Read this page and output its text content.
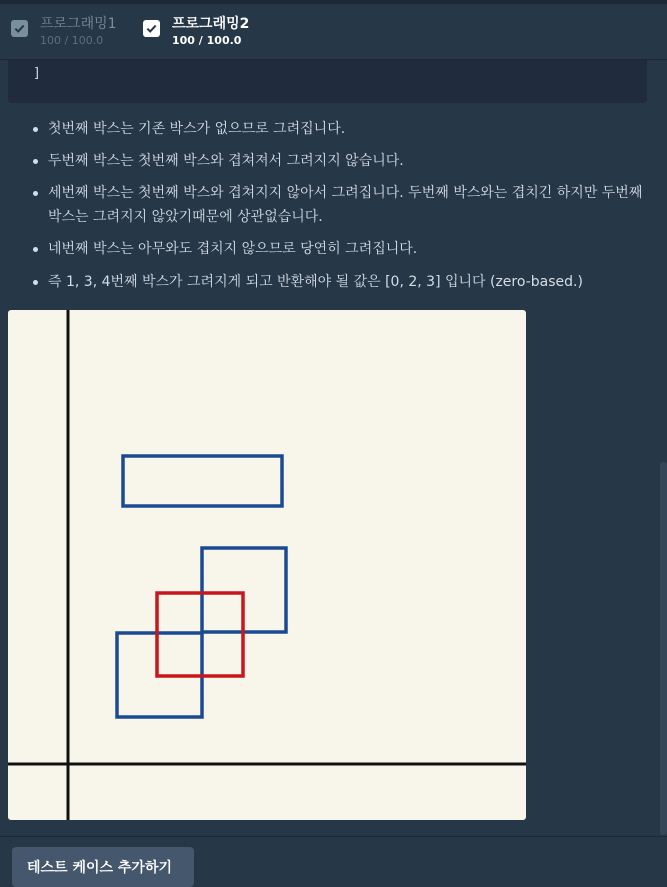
프로그래밍1
100 / 100.0
프로그래밍2
100 / 100.0
]
첫번째 박스는 기존 박스가 없으므로 그려집니다.
두번째 박스는 첫번째 박스와 겹쳐져서 그려지지 않습니다.
세번째 박스는 첫번째 박스와 겹쳐지지 않아서 그려집니다. 두번째 박스와는 겹치긴 하지만 두번째 박스는 그려지지 않았기때문에 상관없습니다.
네번째 박스는 아무와도 겹치지 않으므로 당연히 그려집니다.
즉 1, 3, 4번째 박스가 그려지게 되고 반환해야 될 값은 [0, 2, 3] 입니다 (zero-based.)
테스트 케이스 추가하기
